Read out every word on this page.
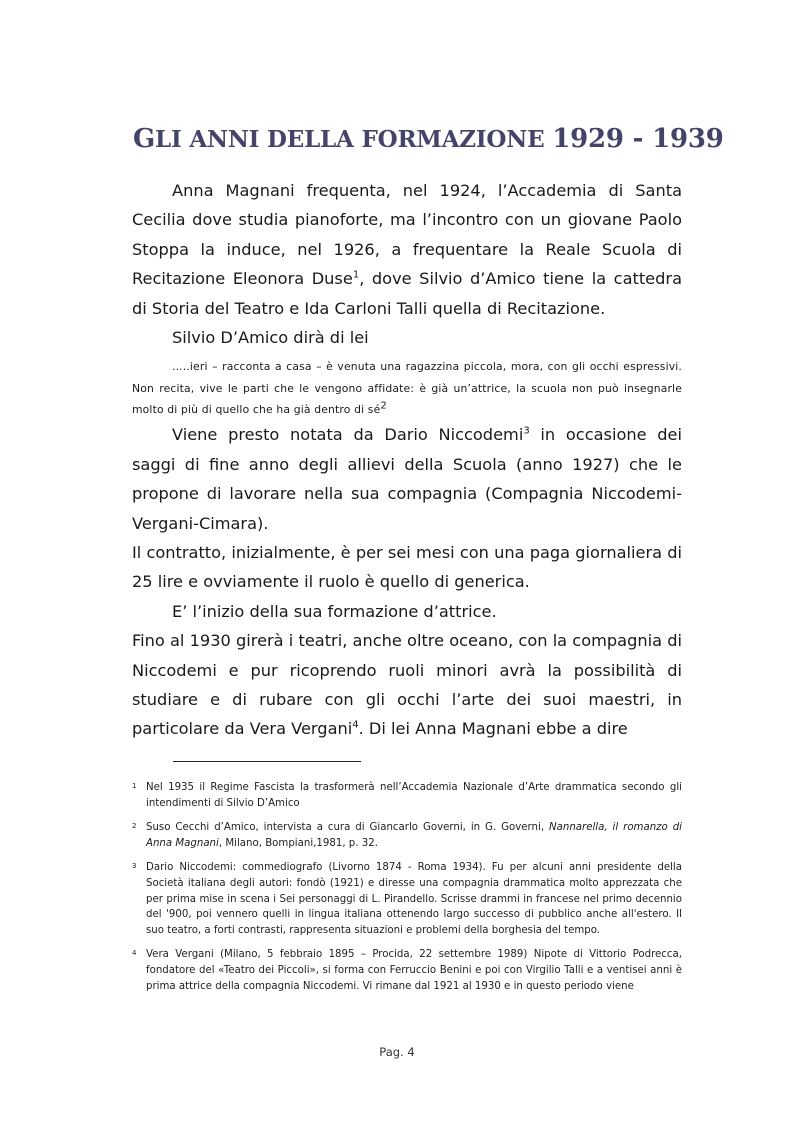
GLI ANNI DELLA FORMAZIONE 1929 - 1939

Anna Magnani frequenta, nel 1924, l’Accademia di Santa Cecilia dove studia pianoforte, ma l’incontro con un giovane Paolo Stoppa la induce, nel 1926, a frequentare la Reale Scuola di Recitazione Eleonora Duse$^1$, dove Silvio d’Amico tiene la cattedra di Storia del Teatro e Ida Carloni Talli quella di Recitazione.

Silvio D’Amico dirà di lei

.....ieri – racconta a casa – è venuta una ragazzina piccola, mora, con gli occhi espressivi. Non recita, vive le parti che le vengono affidate: è già un’attrice, la scuola non può insegnarle molto di più di quello che ha già dentro di $sé^2$

Viene presto notata da Dario Niccodemi$^3$ in occasione dei saggi di fine anno degli allievi della Scuola (anno 1927) che le propone di lavorare nella sua compagnia (Compagnia Niccodemi-Vergani-Cimara).

Il contratto, inizialmente, è per sei mesi con una paga giornaliera di 25 lire e ovviamente il ruolo è quello di generica.

E’ l’inizio della sua formazione d’attrice.

Fino al 1930 girerà i teatri, anche oltre oceano, con la compagnia di Niccodemi e pur ricoprendo ruoli minori avrà la possibilità di studiare e di rubare con gli occhi l’arte dei suoi maestri, in particolare da Vera Vergani$^4$. Di lei Anna Magnani ebbe a dire

1 Nel 1935 il Regime Fascista la trasformerà nell’Accademia Nazionale d’Arte drammatica secondo gli intendimenti di Silvio D’Amico
2 Suso Cecchi d’Amico, intervista a cura di Giancarlo Governi, in G. Governi, Nannarella, il romanzo di Anna Magnani, Milano, Bompiani,1981, p. 32.
3 Dario Niccodemi: commediografo (Livorno 1874 - Roma 1934). Fu per alcuni anni presidente della Società italiana degli autori: fondò (1921) e diresse una compagnia drammatica molto apprezzata che per prima mise in scena i Sei personaggi di L. Pirandello. Scrisse drammi in francese nel primo decennio del '900, poi vennero quelli in lingua italiana ottenendo largo successo di pubblico anche all'estero. Il suo teatro, a forti contrasti, rappresenta situazioni e problemi della borghesia del tempo.
4 Vera Vergani (Milano, 5 febbraio 1895 – Procida, 22 settembre 1989) Nipote di Vittorio Podrecca, fondatore del «Teatro dei Piccoli», si forma con Ferruccio Benini e poi con Virgilio Talli e a ventisei anni è prima attrice della compagnia Niccodemi. Vi rimane dal 1921 al 1930 e in questo periodo viene
Pag. 4
